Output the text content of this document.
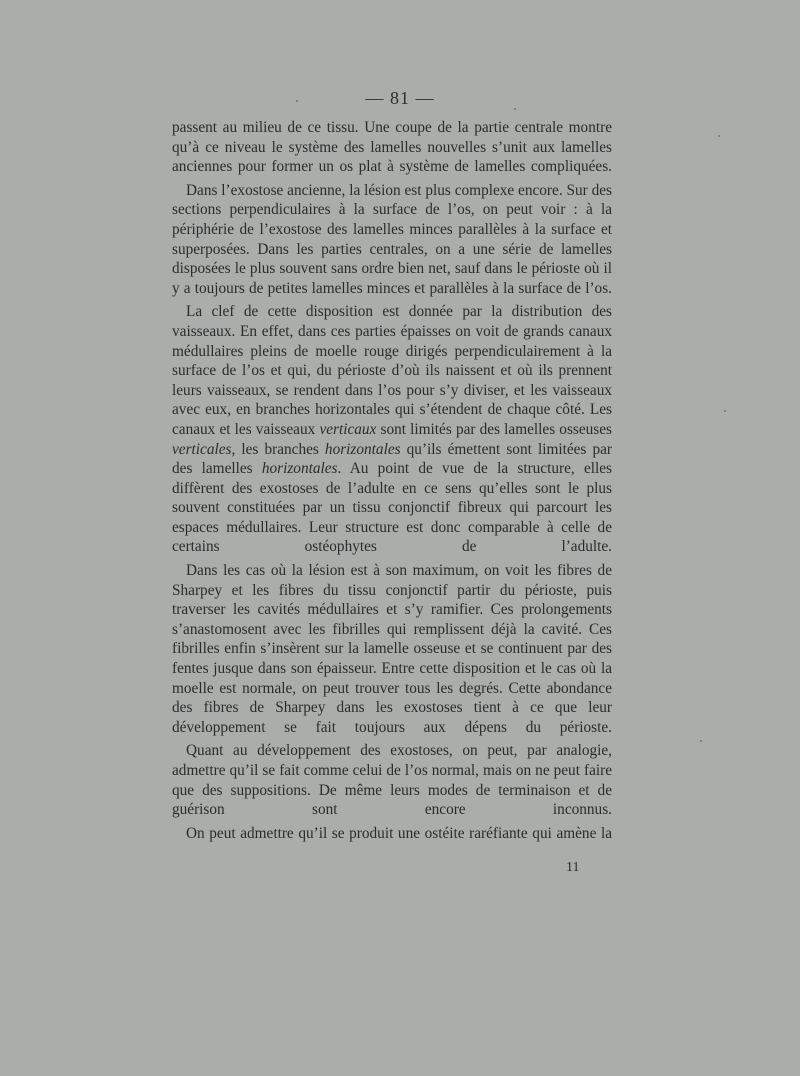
— 81 —

passent au milieu de ce tissu. Une coupe de la partie centrale montre qu’à ce niveau le système des lamelles nouvelles s’unit aux lamelles anciennes pour former un os plat à système de lamelles compliquées.

Dans l’exostose ancienne, la lésion est plus complexe encore. Sur des sections perpendiculaires à la surface de l’os, on peut voir : à la périphérie de l’exostose des lamelles minces parallèles à la surface et superposées. Dans les parties centrales, on a une série de lamelles disposées le plus souvent sans ordre bien net, sauf dans le périoste où il y a toujours de petites lamelles minces et parallèles à la surface de l’os.

La clef de cette disposition est donnée par la distribution des vaisseaux. En effet, dans ces parties épaisses on voit de grands canaux médullaires pleins de moelle rouge dirigés perpendiculairement à la surface de l’os et qui, du périoste d’où ils naissent et où ils prennent leurs vaisseaux, se rendent dans l’os pour s’y diviser, et les vaisseaux avec eux, en branches horizontales qui s’étendent de chaque côté. Les canaux et les vaisseaux verticaux sont limités par des lamelles osseuses verticales, les branches horizontales qu’ils émettent sont limitées par des lamelles horizontales. Au point de vue de la structure, elles diffèrent des exostoses de l’adulte en ce sens qu’elles sont le plus souvent constituées par un tissu conjonctif fibreux qui parcourt les espaces médullaires. Leur structure est donc comparable à celle de certains ostéophytes de l’adulte.

Dans les cas où la lésion est à son maximum, on voit les fibres de Sharpey et les fibres du tissu conjonctif partir du périoste, puis traverser les cavités médullaires et s’y ramifier. Ces prolongements s’anastomosent avec les fibrilles qui remplissent déjà la cavité. Ces fibrilles enfin s’insèrent sur la lamelle osseuse et se continuent par des fentes jusque dans son épaisseur. Entre cette disposition et le cas où la moelle est normale, on peut trouver tous les degrés. Cette abondance des fibres de Sharpey dans les exostoses tient à ce que leur développement se fait toujours aux dépens du périoste.

Quant au développement des exostoses, on peut, par analogie, admettre qu’il se fait comme celui de l’os normal, mais on ne peut faire que des suppositions. De même leurs modes de terminaison et de guérison sont encore inconnus.

On peut admettre qu’il se produit une ostéite raréfiante qui amène la

11
